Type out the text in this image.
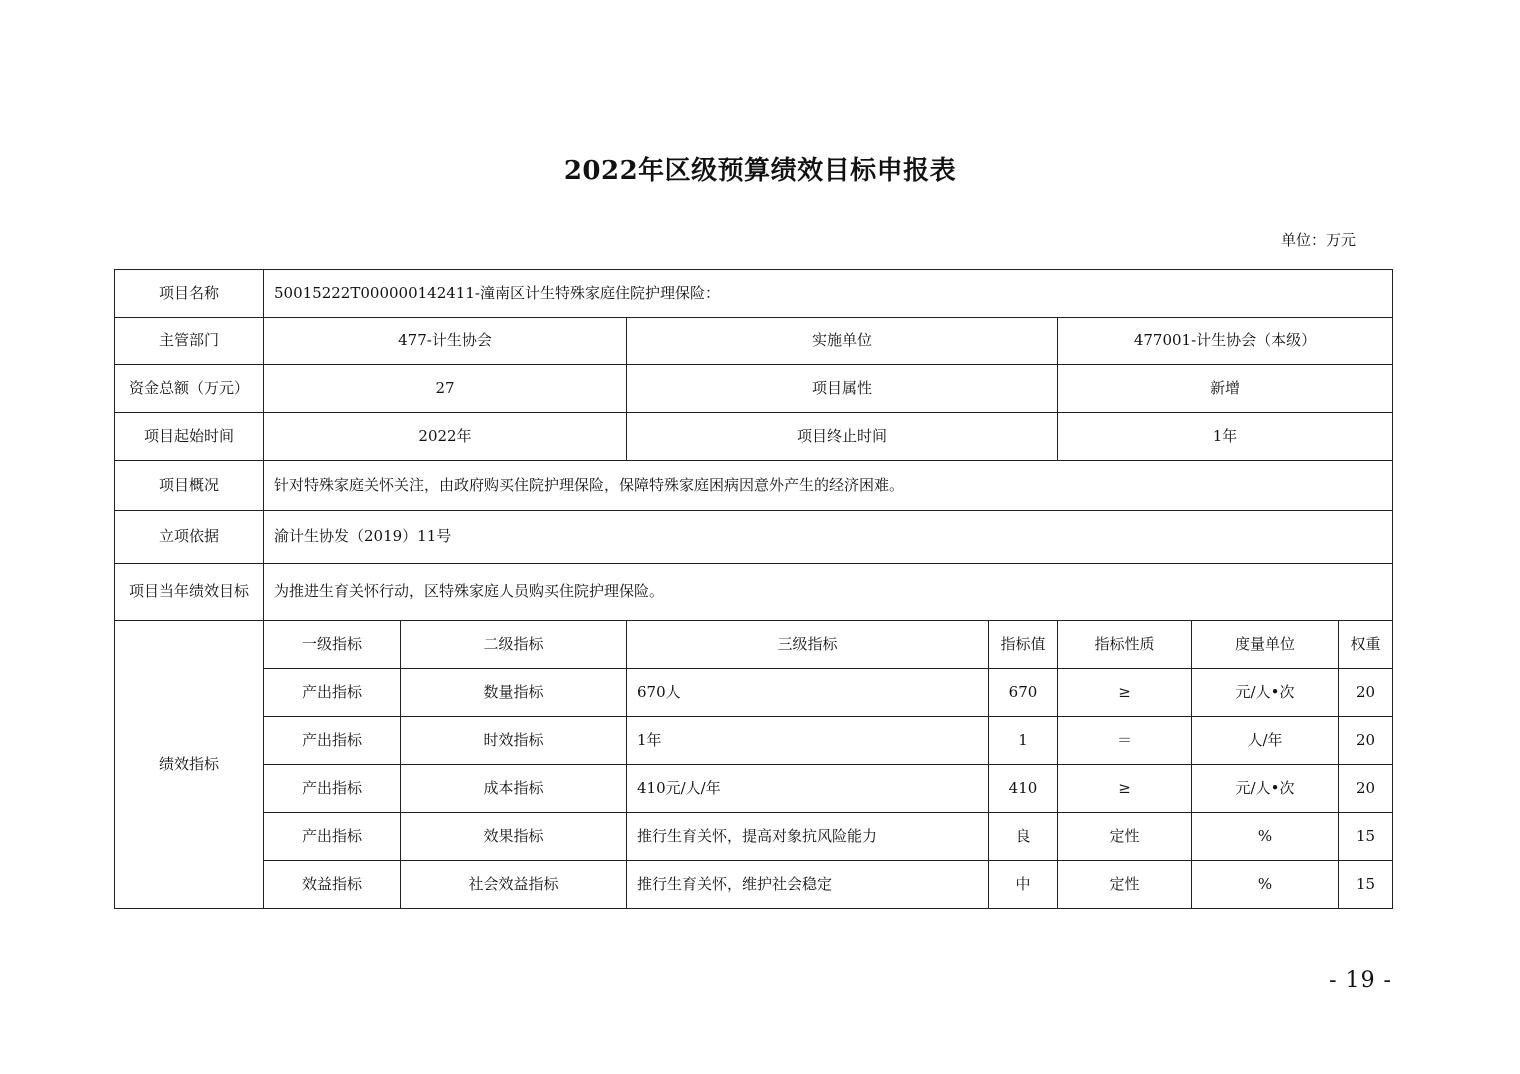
2022年区级预算绩效目标申报表
单位：万元
项目名称	50015222T000000142411-潼南区计生特殊家庭住院护理保险：						
主管部门	477-计生协会		实施单位		477001-计生协会（本级）		
资金总额（万元）	27		项目属性		新增		
项目起始时间	2022年		项目终止时间		1年		
项目概况	针对特殊家庭关怀关注，由政府购买住院护理保险，保障特殊家庭困病因意外产生的经济困难。						
立项依据	渝计生协发（2019）11号						
项目当年绩效目标	为推进生育关怀行动，区特殊家庭人员购买住院护理保险。						
绩效指标	一级指标	二级指标	三级指标	指标值	指标性质	度量单位	权重
	产出指标	数量指标	670人	670	≥	元/人•次	20
	产出指标	时效指标	1年	1	＝	人/年	20
	产出指标	成本指标	410元/人/年	410	≥	元/人•次	20
	产出指标	效果指标	推行生育关怀，提高对象抗风险能力	良	定性	%	15
	效益指标	社会效益指标	推行生育关怀，维护社会稳定	中	定性	%	15
- 19 -
